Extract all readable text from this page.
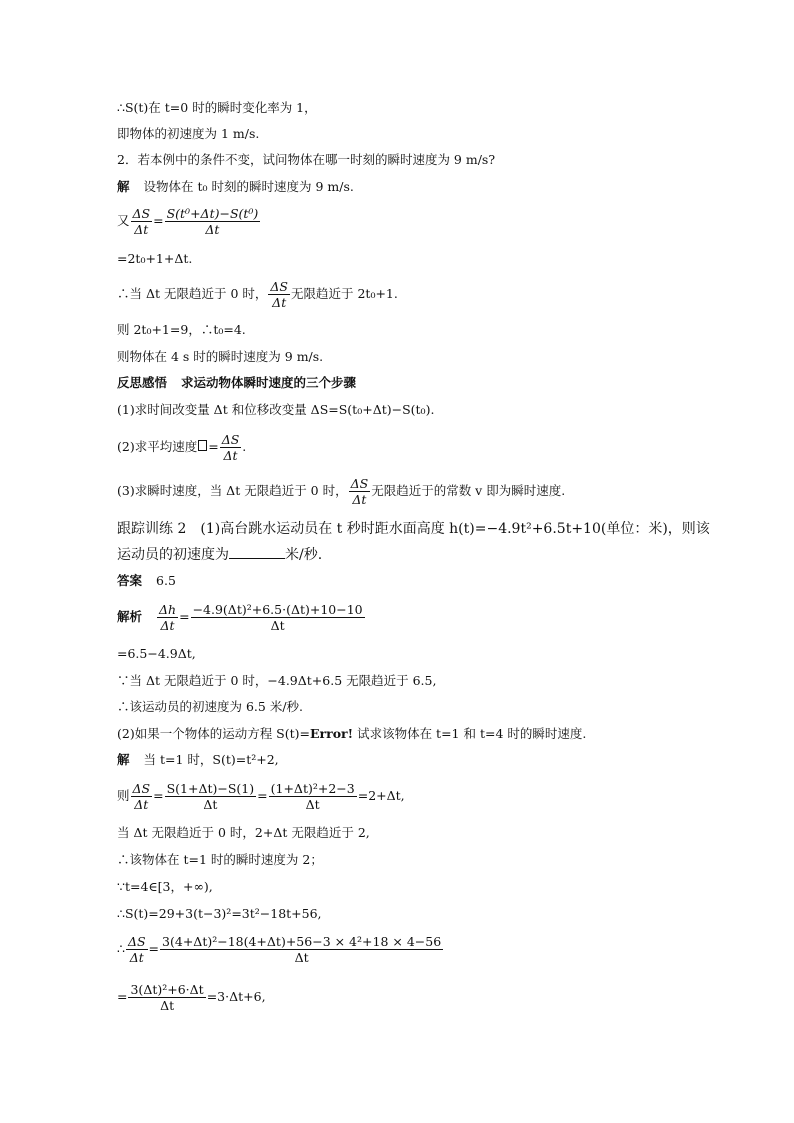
∴S(t)在 t=0 时的瞬时变化率为 1，
即物体的初速度为 1 m/s.
2．若本例中的条件不变，试问物体在哪一时刻的瞬时速度为 9 m/s?
解 设物体在 t₀ 时刻的瞬时速度为 9 m/s.
又 $\frac{\Delta S}{\Delta t} = \frac{\text{S(t⁰+Δt)−S(t⁰)}}{\Delta t}$
=2t₀+1+Δt.
∴当 Δt 无限趋近于 0 时， $\frac{\Delta S}{\Delta t}$ 无限趋近于 2t₀+1.
则 2t₀+1=9，∴t₀=4.
则物体在 4 s 时的瞬时速度为 9 m/s.
反思感悟 求运动物体瞬时速度的三个步骤
(1)求时间改变量 Δt 和位移改变量 ΔS=S(t₀+Δt)−S(t₀).
(2)求平均速度 = $\frac{\Delta S}{\Delta t}$ .
(3)求瞬时速度，当 Δt 无限趋近于 0 时， $\frac{\Delta S}{\Delta t}$ 无限趋近于的常数 v 即为瞬时速度.
跟踪训练 2　(1)高台跳水运动员在 t 秒时距水面高度 h(t)=−4.9t²+6.5t+10(单位：米)，则该
运动员的初速度为	米/秒.
答案 6.5
解析 $\frac{\Delta h}{\Delta t} = \frac{\text{−4.9(Δt)²+6.5·(Δt)+10−10}}{\Delta t}$
=6.5−4.9Δt,
∵当 Δt 无限趋近于 0 时，−4.9Δt+6.5 无限趋近于 6.5,
∴该运动员的初速度为 6.5 米/秒.
(2)如果一个物体的运动方程 S(t)=Error! 试求该物体在 t=1 和 t=4 时的瞬时速度.
解 当 t=1 时，S(t)=t²+2,
则 $\frac{\Delta S}{\Delta t} = \frac{S(1+\Delta t)-S(1)}{\Delta t} = \frac{\text{(1+Δt)²+2−3}}{\Delta t} =2+\Delta t$,
当 Δt 无限趋近于 0 时，2+Δt 无限趋近于 2,
∴该物体在 t=1 时的瞬时速度为 2；
∵t=4∈[3，+∞),
∴S(t)=29+3(t−3)²=3t²−18t+56,
∴ $\frac{\Delta S}{\Delta t} = \frac{\text{3(4+Δt)²−18(4+Δt)+56−3 × 4²+18 × 4−56}}{\Delta t}$
= $\frac{\text{3(Δt)²+6·Δt}}{\Delta t} =3\cdot\Delta t+6$,
